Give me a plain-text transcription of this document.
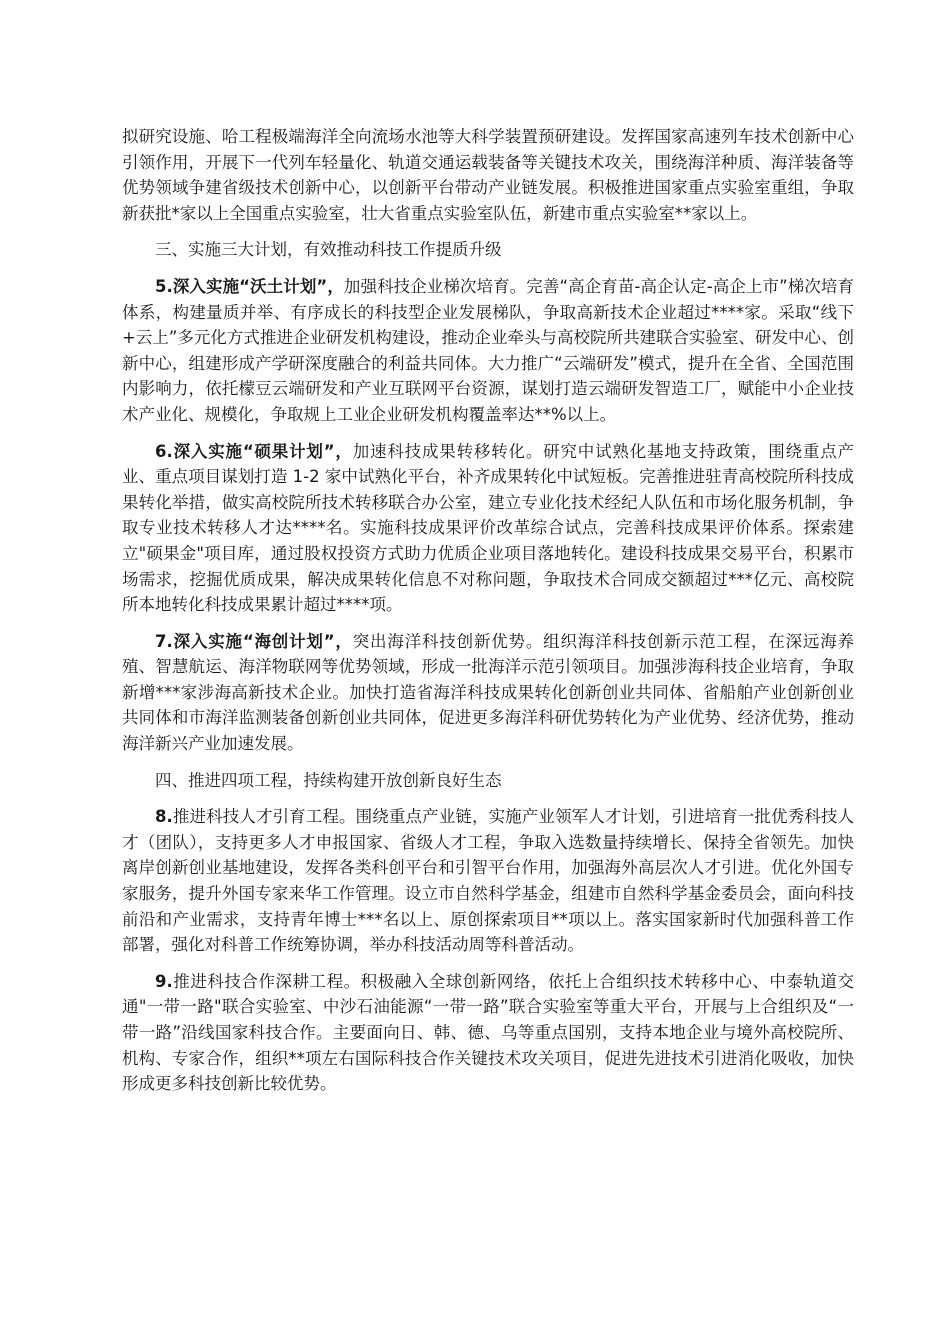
拟研究设施、哈工程极端海洋全向流场水池等大科学装置预研建设。发挥国家高速列车技术创新中心引领作用，开展下一代列车轻量化、轨道交通运载装备等关键技术攻关，围绕海洋种质、海洋装备等优势领域争建省级技术创新中心，以创新平台带动产业链发展。积极推进国家重点实验室重组，争取新获批*家以上全国重点实验室，壮大省重点实验室队伍，新建市重点实验室**家以上。

三、实施三大计划，有效推动科技工作提质升级

5.深入实施“沃土计划”，加强科技企业梯次培育。完善“高企育苗-高企认定-高企上市”梯次培育体系，构建量质并举、有序成长的科技型企业发展梯队，争取高新技术企业超过****家。采取“线下+云上”多元化方式推进企业研发机构建设，推动企业牵头与高校院所共建联合实验室、研发中心、创新中心，组建形成产学研深度融合的利益共同体。大力推广“云端研发”模式，提升在全省、全国范围内影响力，依托檬豆云端研发和产业互联网平台资源，谋划打造云端研发智造工厂，赋能中小企业技术产业化、规模化，争取规上工业企业研发机构覆盖率达**%以上。

6.深入实施“硕果计划”，加速科技成果转移转化。研究中试熟化基地支持政策，围绕重点产业、重点项目谋划打造 1-2 家中试熟化平台，补齐成果转化中试短板。完善推进驻青高校院所科技成果转化举措，做实高校院所技术转移联合办公室，建立专业化技术经纪人队伍和市场化服务机制，争取专业技术转移人才达****名。实施科技成果评价改革综合试点，完善科技成果评价体系。探索建立"硕果金"项目库，通过股权投资方式助力优质企业项目落地转化。建设科技成果交易平台，积累市场需求，挖掘优质成果，解决成果转化信息不对称问题，争取技术合同成交额超过***亿元、高校院所本地转化科技成果累计超过****项。

7.深入实施“海创计划”，突出海洋科技创新优势。组织海洋科技创新示范工程，在深远海养殖、智慧航运、海洋物联网等优势领域，形成一批海洋示范引领项目。加强涉海科技企业培育，争取新增***家涉海高新技术企业。加快打造省海洋科技成果转化创新创业共同体、省船舶产业创新创业共同体和市海洋监测装备创新创业共同体，促进更多海洋科研优势转化为产业优势、经济优势，推动海洋新兴产业加速发展。

四、推进四项工程，持续构建开放创新良好生态

8.推进科技人才引育工程。围绕重点产业链，实施产业领军人才计划，引进培育一批优秀科技人才（团队），支持更多人才申报国家、省级人才工程，争取入选数量持续增长、保持全省领先。加快离岸创新创业基地建设，发挥各类科创平台和引智平台作用，加强海外高层次人才引进。优化外国专家服务，提升外国专家来华工作管理。设立市自然科学基金，组建市自然科学基金委员会，面向科技前沿和产业需求，支持青年博士***名以上、原创探索项目**项以上。落实国家新时代加强科普工作部署，强化对科普工作统筹协调，举办科技活动周等科普活动。

9.推进科技合作深耕工程。积极融入全球创新网络，依托上合组织技术转移中心、中泰轨道交通"一带一路"联合实验室、中沙石油能源“一带一路”联合实验室等重大平台，开展与上合组织及“一带一路”沿线国家科技合作。主要面向日、韩、德、乌等重点国别，支持本地企业与境外高校院所、机构、专家合作，组织**项左右国际科技合作关键技术攻关项目，促进先进技术引进消化吸收，加快形成更多科技创新比较优势。
